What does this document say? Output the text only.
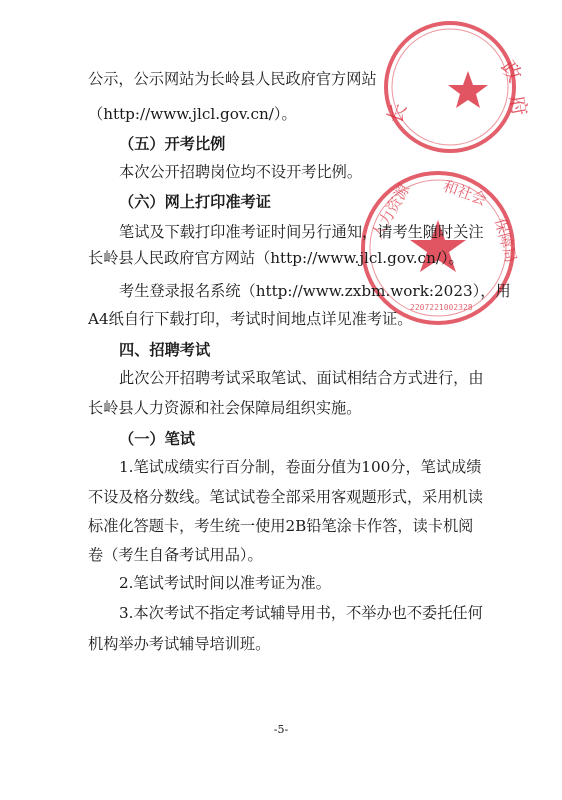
长
政
府
人力资源 和社会
保障局
2207221002328
公示，公示网站为长岭县人民政府官方网站
（http://www.jlcl.gov.cn/）。
（五）开考比例
本次公开招聘岗位均不设开考比例。
（六）网上打印准考证
笔试及下载打印准考证时间另行通知，请考生随时关注
长岭县人民政府官方网站（http://www.jlcl.gov.cn/）。
考生登录报名系统（http://www.zxbm.work:2023），用
A4纸自行下载打印，考试时间地点详见准考证。
四、招聘考试
此次公开招聘考试采取笔试、面试相结合方式进行，由
长岭县人力资源和社会保障局组织实施。
（一）笔试
1.笔试成绩实行百分制，卷面分值为100分，笔试成绩
不设及格分数线。笔试试卷全部采用客观题形式，采用机读
标准化答题卡，考生统一使用2B铅笔涂卡作答，读卡机阅
卷（考生自备考试用品）。
2.笔试考试时间以准考证为准。
3.本次考试不指定考试辅导用书，不举办也不委托任何
机构举办考试辅导培训班。
-5-
